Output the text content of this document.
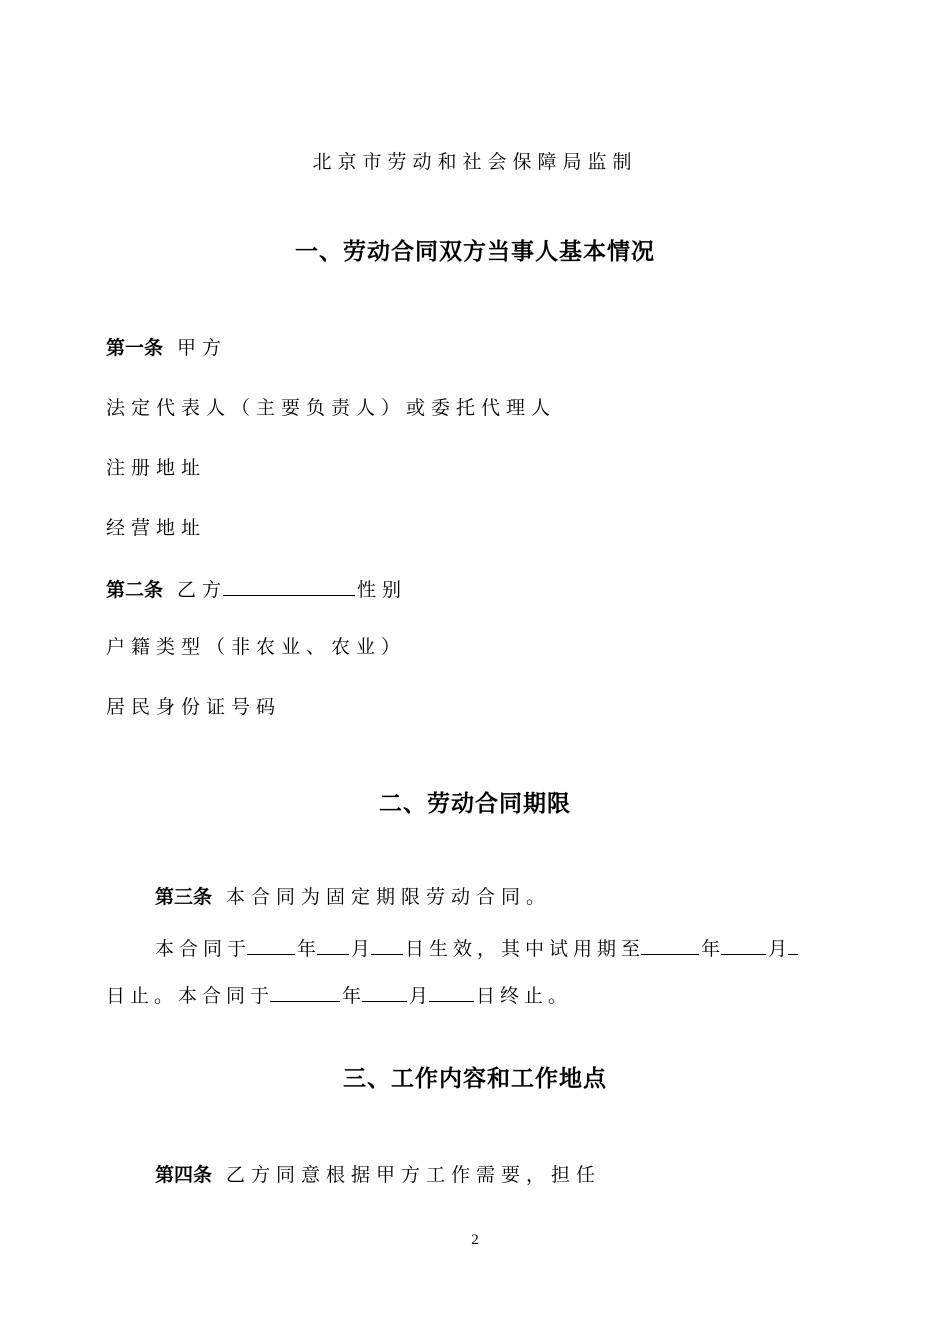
北京市劳动和社会保障局监制
一、劳动合同双方当事人基本情况
第一条 甲方
法定代表人（主要负责人）或委托代理人
注册地址
经营地址
第二条 乙方	性别
户籍类型（非农业、农业）
居民身份证号码
二、劳动合同期限
第三条 本合同为固定期限劳动合同。
本合同于 年 月 日生效，其中试用期至	年 月
日止。本合同于	年 月 日终止。
三、工作内容和工作地点
第四条 乙方同意根据甲方工作需要，担任
2
